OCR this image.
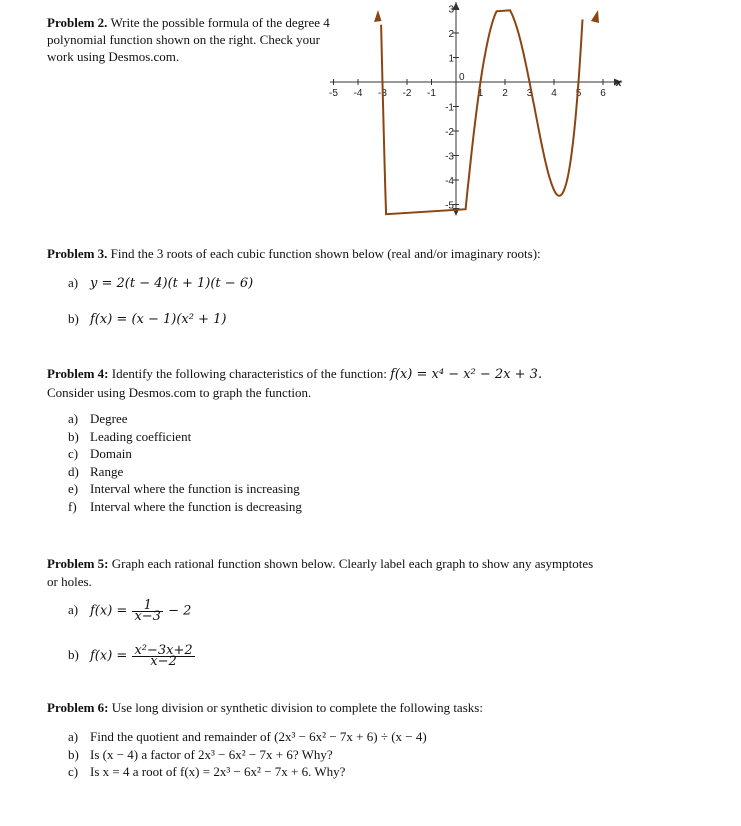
Problem 2. Write the possible formula of the degree 4 polynomial function shown on the right. Check your work using Desmos.com.
-5 -4 -3 -2 -1
0
1 2 3 4 5 6
1
2
3
-1
-2
-3
-4
-5
x
Problem 3. Find the 3 roots of each cubic function shown below (real and/or imaginary roots):
a) y = 2(t − 4)(t + 1)(t − 6)
b) f(x) = (x − 1)(x² + 1)
Problem 4: Identify the following characteristics of the function: f(x) = x⁴ − x² − 2x + 3.
Consider using Desmos.com to graph the function.
a) Degree
b) Leading coefficient
c) Domain
d) Range
e) Interval where the function is increasing
f) Interval where the function is decreasing
Problem 5: Graph each rational function shown below. Clearly label each graph to show any asymptotes or holes.
a) $f(x) = \frac{1}{x-3} - 2$
b) $f(x) = \frac{\text{x²−3x+2}}{x-2}$
Problem 6: Use long division or synthetic division to complete the following tasks:
a) Find the quotient and remainder of (2x³ − 6x² − 7x + 6) ÷ (x − 4)
b) Is (x − 4) a factor of 2x³ − 6x² − 7x + 6? Why?
c) Is x = 4 a root of f(x) = 2x³ − 6x² − 7x + 6. Why?
